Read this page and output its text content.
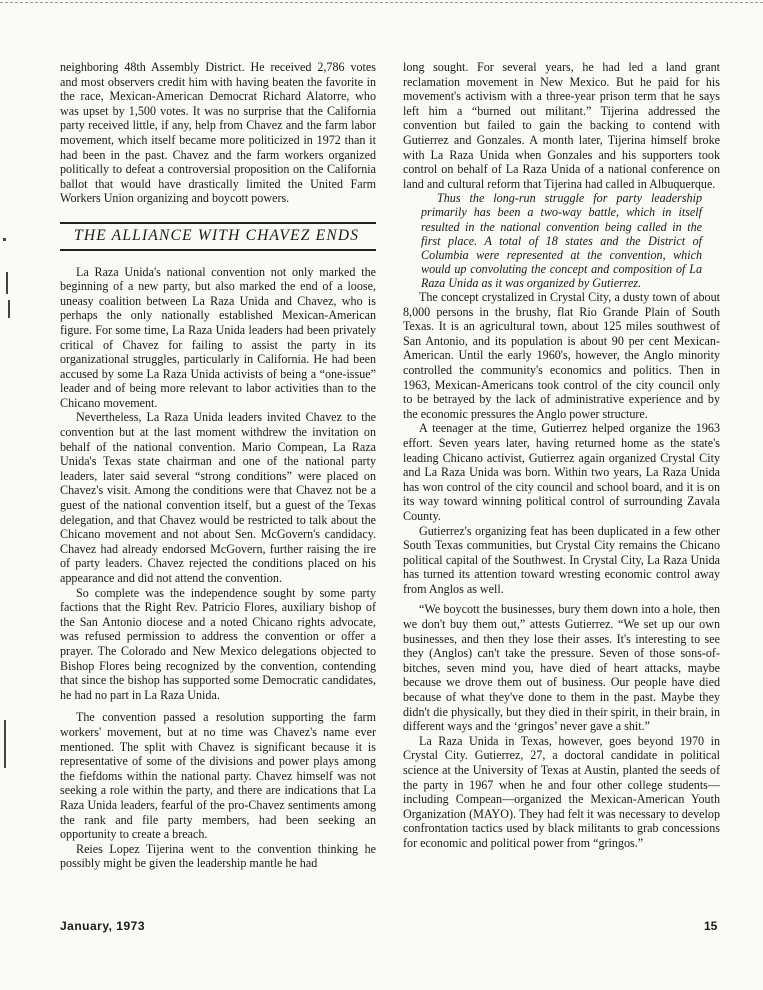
neighboring 48th Assembly District. He received 2,786 votes and most observers credit him with having beaten the favorite in the race, Mexican-American Democrat Richard Alatorre, who was upset by 1,500 votes. It was no surprise that the California party received little, if any, help from Chavez and the farm labor movement, which itself became more politicized in 1972 than it had been in the past. Chavez and the farm workers organized politically to defeat a controversial proposition on the California ballot that would have drastically limited the United Farm Workers Union organizing and boycott powers.

THE ALLIANCE WITH CHAVEZ ENDS

La Raza Unida's national convention not only marked the beginning of a new party, but also marked the end of a loose, uneasy coalition between La Raza Unida and Chavez, who is perhaps the only nationally established Mexican-American figure. For some time, La Raza Unida leaders had been privately critical of Chavez for failing to assist the party in its organizational struggles, particularly in California. He had been accused by some La Raza Unida activists of being a “one-issue” leader and of being more relevant to labor activities than to the Chicano movement.

Nevertheless, La Raza Unida leaders invited Chavez to the convention but at the last moment withdrew the invitation on behalf of the national convention. Mario Compean, La Raza Unida's Texas state chairman and one of the national party leaders, later said several “strong conditions” were placed on Chavez's visit. Among the conditions were that Chavez not be a guest of the national convention itself, but a guest of the Texas delegation, and that Chavez would be restricted to talk about the Chicano movement and not about Sen. McGovern's candidacy. Chavez had already endorsed McGovern, further raising the ire of party leaders. Chavez rejected the conditions placed on his appearance and did not attend the convention.

So complete was the independence sought by some party factions that the Right Rev. Patricio Flores, auxiliary bishop of the San Antonio diocese and a noted Chicano rights advocate, was refused permission to address the convention or offer a prayer. The Colorado and New Mexico delegations objected to Bishop Flores being recognized by the convention, contending that since the bishop has supported some Democratic candidates, he had no part in La Raza Unida.

The convention passed a resolution supporting the farm workers' movement, but at no time was Chavez's name ever mentioned. The split with Chavez is significant because it is representative of some of the divisions and power plays among the fiefdoms within the national party. Chavez himself was not seeking a role within the party, and there are indications that La Raza Unida leaders, fearful of the pro-Chavez sentiments among the rank and file party members, had been seeking an opportunity to create a breach.

Reies Lopez Tijerina went to the convention thinking he possibly might be given the leadership mantle he had

long sought. For several years, he had led a land grant reclamation movement in New Mexico. But he paid for his movement's activism with a three-year prison term that he says left him a “burned out militant.” Tijerina addressed the convention but failed to gain the backing to contend with Gutierrez and Gonzales. A month later, Tijerina himself broke with La Raza Unida when Gonzales and his supporters took control on behalf of La Raza Unida of a national conference on land and cultural reform that Tijerina had called in Albuquerque.

Thus the long-run struggle for party leadership primarily has been a two-way battle, which in itself resulted in the national convention being called in the first place. A total of 18 states and the District of Columbia were represented at the convention, which would up convoluting the concept and composition of La Raza Unida as it was organized by Gutierrez.

The concept crystalized in Crystal City, a dusty town of about 8,000 persons in the brushy, flat Rio Grande Plain of South Texas. It is an agricultural town, about 125 miles southwest of San Antonio, and its population is about 90 per cent Mexican-American. Until the early 1960's, however, the Anglo minority controlled the community's economics and politics. Then in 1963, Mexican-Americans took control of the city council only to be betrayed by the lack of administrative experience and by the economic pressures the Anglo power structure.

A teenager at the time, Gutierrez helped organize the 1963 effort. Seven years later, having returned home as the state's leading Chicano activist, Gutierrez again organized Crystal City and La Raza Unida was born. Within two years, La Raza Unida has won control of the city council and school board, and it is on its way toward winning political control of surrounding Zavala County.

Gutierrez's organizing feat has been duplicated in a few other South Texas communities, but Crystal City remains the Chicano political capital of the Southwest. In Crystal City, La Raza Unida has turned its attention toward wresting economic control away from Anglos as well.

“We boycott the businesses, bury them down into a hole, then we don't buy them out,” attests Gutierrez. “We set up our own businesses, and then they lose their asses. It's interesting to see they (Anglos) can't take the pressure. Seven of those sons-of-bitches, seven mind you, have died of heart attacks, maybe because we drove them out of business. Our people have died because of what they've done to them in the past. Maybe they didn't die physically, but they died in their spirit, in their brain, in different ways and the ‘gringos’ never gave a shit.”

La Raza Unida in Texas, however, goes beyond 1970 in Crystal City. Gutierrez, 27, a doctoral candidate in political science at the University of Texas at Austin, planted the seeds of the party in 1967 when he and four other college students—including Compean—organized the Mexican-American Youth Organization (MAYO). They had felt it was necessary to develop confrontation tactics used by black militants to grab concessions for economic and political power from “gringos.”

January, 1973	15
